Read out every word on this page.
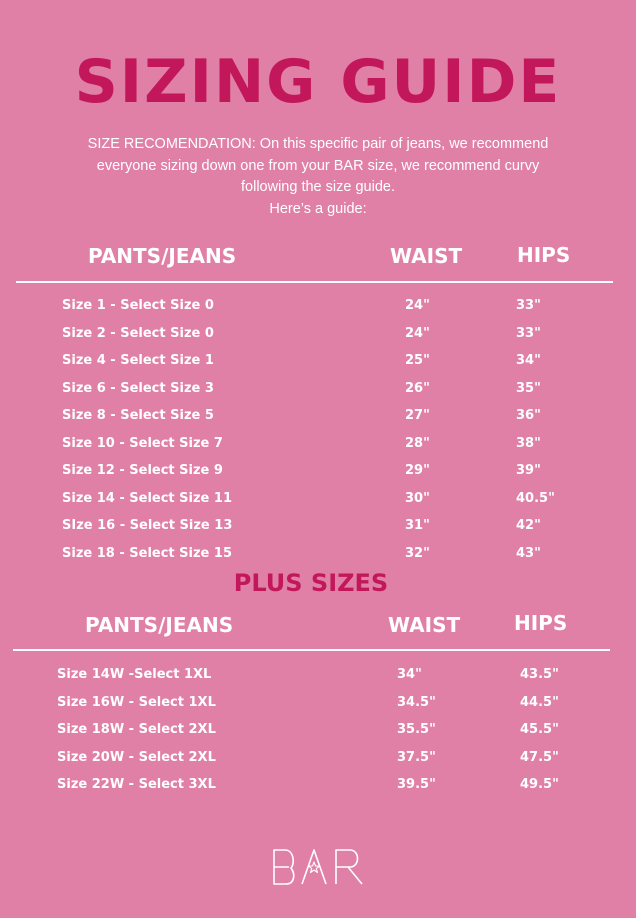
SIZING GUIDE
SIZE RECOMENDATION: On this specific pair of jeans, we recommend
everyone sizing down one from your BAR size, we recommend curvy
following the size guide.
Here’s a guide:
PANTS/JEANS	WAIST	HIPS
Size 1 - Select Size 0	24"	33"
Size 2 - Select Size 0	24"	33"
Size 4 - Select Size 1	25"	34"
Size 6 - Select Size 3	26"	35"
Size 8 - Select Size 5	27"	36"
Size 10 - Select Size 7	28"	38"
Size 12 - Select Size 9	29"	39"
Size 14 - Select Size 11	30"	40.5"
SIze 16 - Select Size 13	31"	42"
Size 18 - Select Size 15	32"	43"
PLUS SIZES
PANTS/JEANS	WAIST	HIPS
Size 14W -Select 1XL	34"	43.5"
Size 16W - Select 1XL	34.5"	44.5"
Size 18W - Select 2XL	35.5"	45.5"
Size 20W - Select 2XL	37.5"	47.5"
Size 22W - Select 3XL	39.5"	49.5"
